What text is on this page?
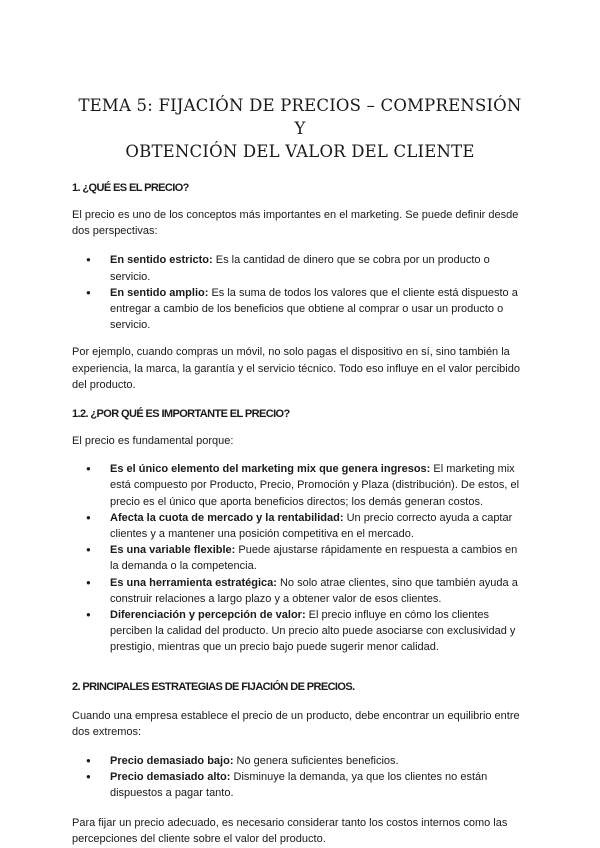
TEMA 5: FIJACIÓN DE PRECIOS – COMPRENSIÓN Y
OBTENCIÓN DEL VALOR DEL CLIENTE
1. ¿QUÉ ES EL PRECIO?

El precio es uno de los conceptos más importantes en el marketing. Se puede definir desde dos perspectivas:

● En sentido estricto: Es la cantidad de dinero que se cobra por un producto o servicio.
● En sentido amplio: Es la suma de todos los valores que el cliente está dispuesto a entregar a cambio de los beneficios que obtiene al comprar o usar un producto o servicio.

Por ejemplo, cuando compras un móvil, no solo pagas el dispositivo en sí, sino también la experiencia, la marca, la garantía y el servicio técnico. Todo eso influye en el valor percibido del producto.

1.2. ¿POR QUÉ ES IMPORTANTE EL PRECIO?

El precio es fundamental porque:

● Es el único elemento del marketing mix que genera ingresos: El marketing mix está compuesto por Producto, Precio, Promoción y Plaza (distribución). De estos, el precio es el único que aporta beneficios directos; los demás generan costos.
● Afecta la cuota de mercado y la rentabilidad: Un precio correcto ayuda a captar clientes y a mantener una posición competitiva en el mercado.
● Es una variable flexible: Puede ajustarse rápidamente en respuesta a cambios en la demanda o la competencia.
● Es una herramienta estratégica: No solo atrae clientes, sino que también ayuda a construir relaciones a largo plazo y a obtener valor de esos clientes.
● Diferenciación y percepción de valor: El precio influye en cómo los clientes perciben la calidad del producto. Un precio alto puede asociarse con exclusividad y prestigio, mientras que un precio bajo puede sugerir menor calidad.
2. PRINCIPALES ESTRATEGIAS DE FIJACIÓN DE PRECIOS.

Cuando una empresa establece el precio de un producto, debe encontrar un equilibrio entre dos extremos:

● Precio demasiado bajo: No genera suficientes beneficios.
● Precio demasiado alto: Disminuye la demanda, ya que los clientes no están dispuestos a pagar tanto.

Para fijar un precio adecuado, es necesario considerar tanto los costos internos como las percepciones del cliente sobre el valor del producto.
